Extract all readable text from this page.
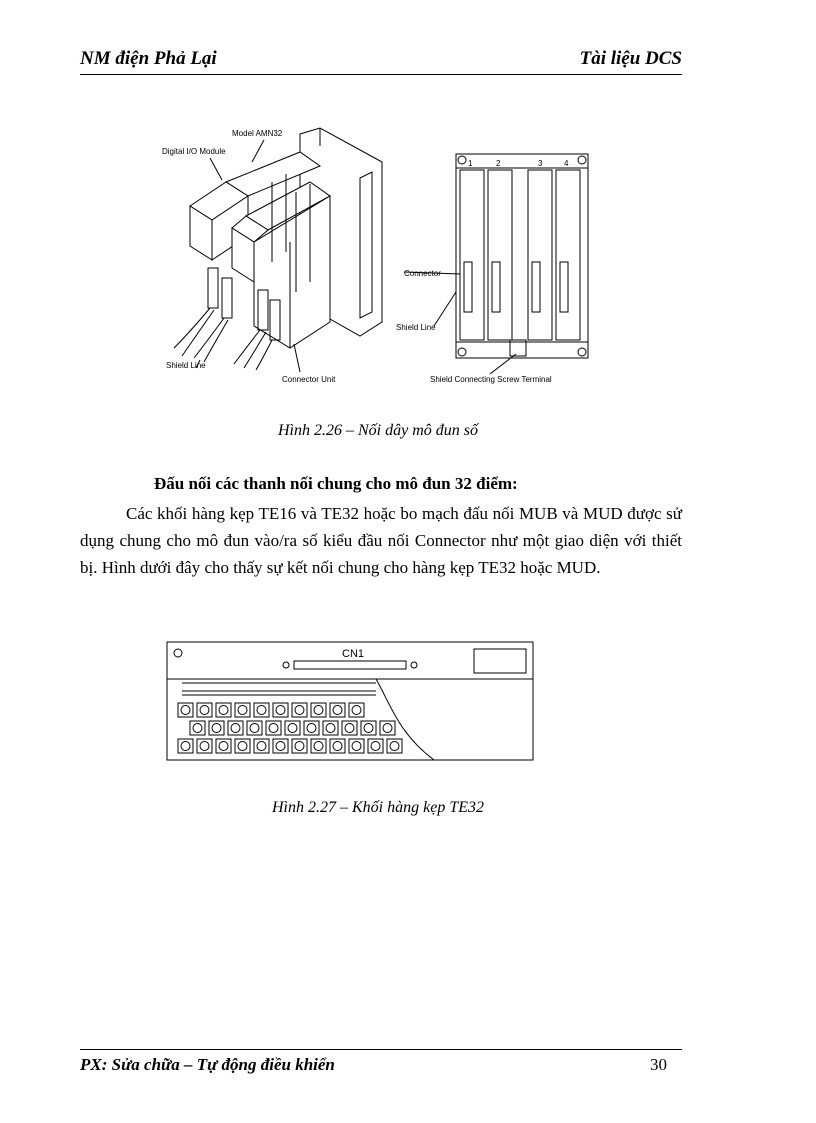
NM điện Phả Lại	Tài liệu DCS
Model AMN32
Digital I/O Module
Shield Line
Connector Unit
Connector
Shield Line
Shield Connecting Screw Terminal
1	2	3	4
Hình 2.26 – Nối dây mô đun số
Đấu nối các thanh nối chung cho mô đun 32 điểm:

Các khối hàng kẹp TE16 và TE32 hoặc bo mạch đấu nối MUB và MUD được sử dụng chung cho mô đun vào/ra số kiểu đầu nối Connector như một giao diện với thiết bị. Hình dưới đây cho thấy sự kết nối chung cho hàng kẹp TE32 hoặc MUD.

CN1
Hình 2.27 – Khối hàng kẹp TE32
PX: Sửa chữa – Tự động điều khiển	30
